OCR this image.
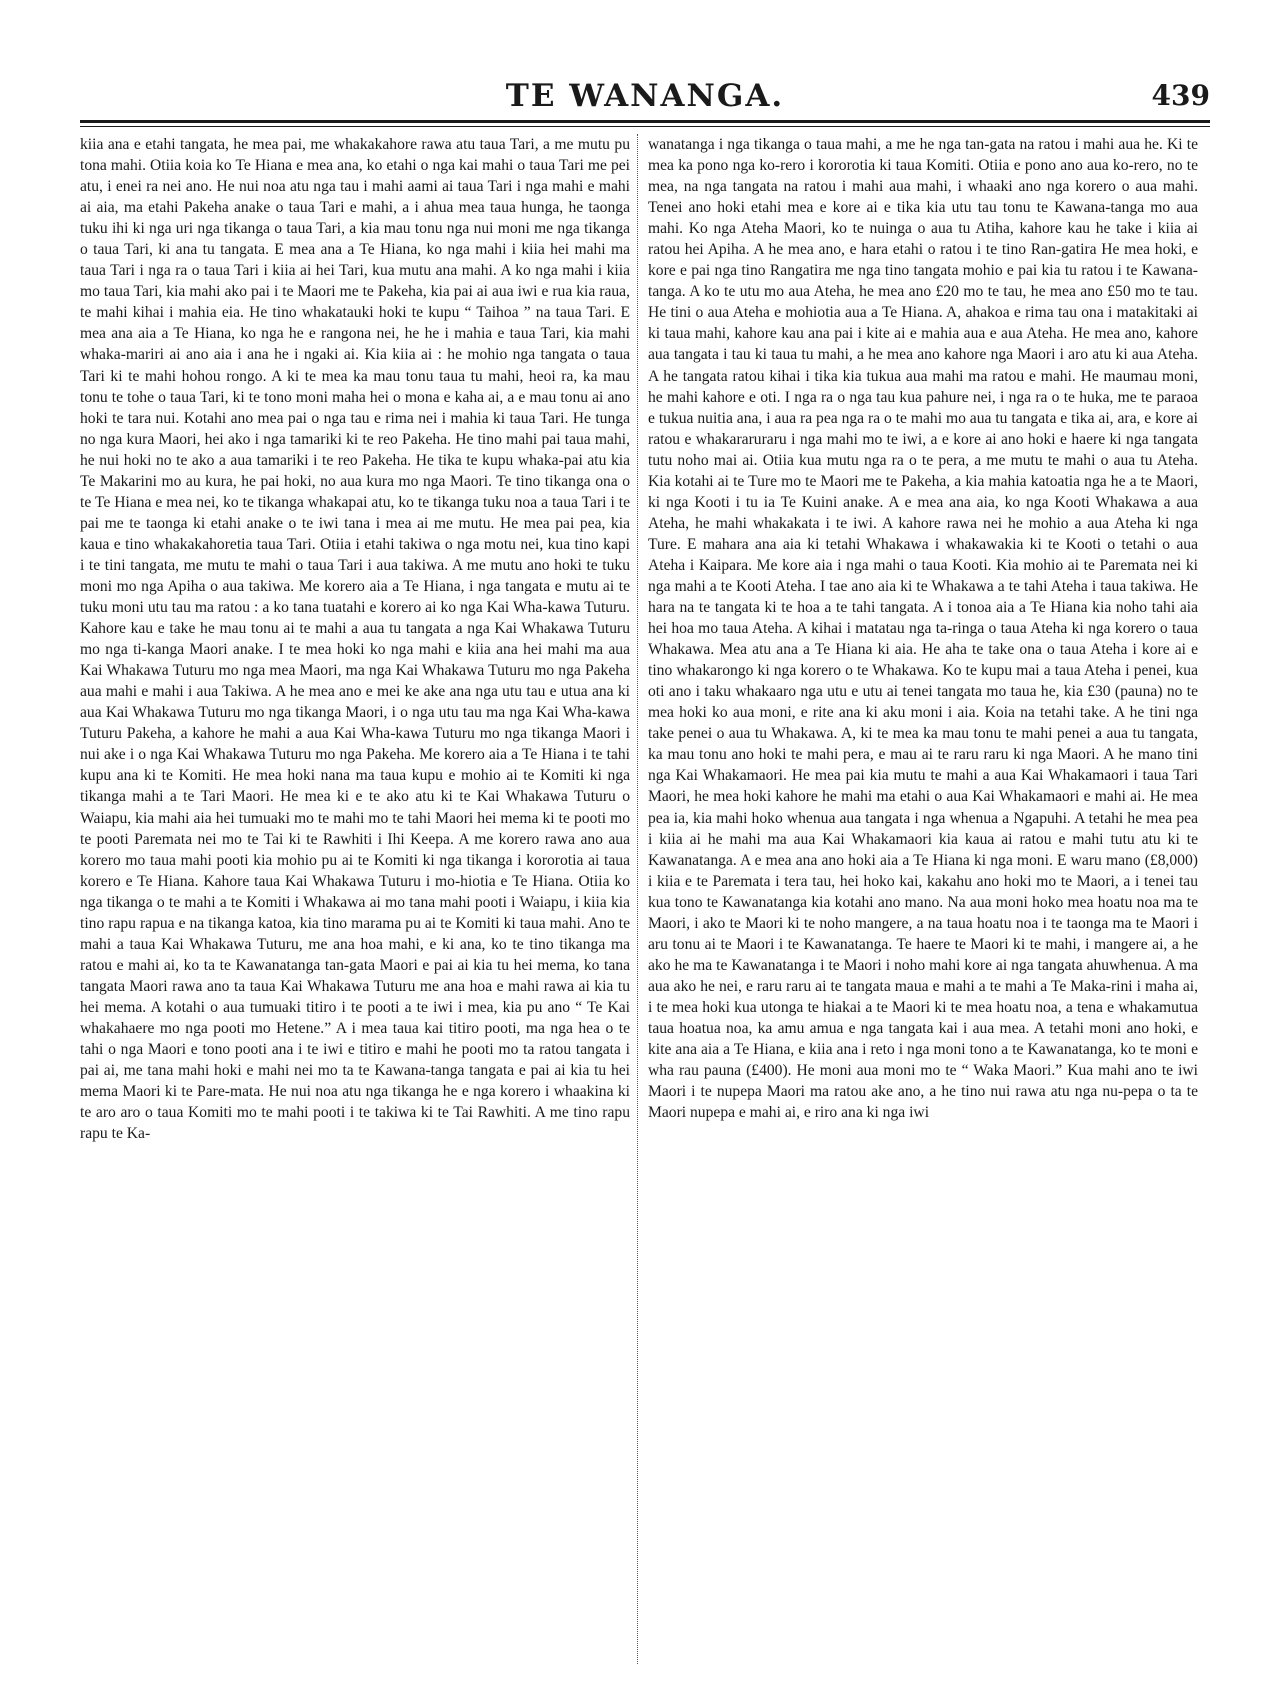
TE WANANGA.	439
kiia ana e etahi tangata, he mea pai, me whakakahore rawa atu taua Tari, a me mutu pu tona mahi. Otiia koia ko Te Hiana e mea ana, ko etahi o nga kai mahi o taua Tari me pei atu, i enei ra nei ano. He nui noa atu nga tau i mahi aami ai taua Tari i nga mahi e mahi ai aia, ma etahi Pakeha anake o taua Tari e mahi, a i ahua mea taua hunga, he taonga tuku ihi ki nga uri nga tikanga o taua Tari, a kia mau tonu nga nui moni me nga tikanga o taua Tari, ki ana tu tangata. E mea ana a Te Hiana, ko nga mahi i kiia hei mahi ma taua Tari i nga ra o taua Tari i kiia ai hei Tari, kua mutu ana mahi. A ko nga mahi i kiia mo taua Tari, kia mahi ako pai i te Maori me te Pakeha, kia pai ai aua iwi e rua kia raua, te mahi kihai i mahia eia. He tino whakatauki hoki te kupu “ Taihoa ” na taua Tari. E mea ana aia a Te Hiana, ko nga he e rangona nei, he he i mahia e taua Tari, kia mahi whaka-mariri ai ano aia i ana he i ngaki ai. Kia kiia ai : he mohio nga tangata o taua Tari ki te mahi hohou rongo. A ki te mea ka mau tonu taua tu mahi, heoi ra, ka mau tonu te tohe o taua Tari, ki te tono moni maha hei o mona e kaha ai, a e mau tonu ai ano hoki te tara nui. Kotahi ano mea pai o nga tau e rima nei i mahia ki taua Tari. He tunga no nga kura Maori, hei ako i nga tamariki ki te reo Pakeha. He tino mahi pai taua mahi, he nui hoki no te ako a aua tamariki i te reo Pakeha. He tika te kupu whaka-pai atu kia Te Makarini mo au kura, he pai hoki, no aua kura mo nga Maori. Te tino tikanga ona o te Te Hiana e mea nei, ko te tikanga whakapai atu, ko te tikanga tuku noa a taua Tari i te pai me te taonga ki etahi anake o te iwi tana i mea ai me mutu. He mea pai pea, kia kaua e tino whakakahoretia taua Tari. Otiia i etahi takiwa o nga motu nei, kua tino kapi i te tini tangata, me mutu te mahi o taua Tari i aua takiwa. A me mutu ano hoki te tuku moni mo nga Apiha o aua takiwa. Me korero aia a Te Hiana, i nga tangata e mutu ai te tuku moni utu tau ma ratou : a ko tana tuatahi e korero ai ko nga Kai Wha-kawa Tuturu. Kahore kau e take he mau tonu ai te mahi a aua tu tangata a nga Kai Whakawa Tuturu mo nga ti-kanga Maori anake. I te mea hoki ko nga mahi e kiia ana hei mahi ma aua Kai Whakawa Tuturu mo nga mea Maori, ma nga Kai Whakawa Tuturu mo nga Pakeha aua mahi e mahi i aua Takiwa. A he mea ano e mei ke ake ana nga utu tau e utua ana ki aua Kai Whakawa Tuturu mo nga tikanga Maori, i o nga utu tau ma nga Kai Wha-kawa Tuturu Pakeha, a kahore he mahi a aua Kai Wha-kawa Tuturu mo nga tikanga Maori i nui ake i o nga Kai Whakawa Tuturu mo nga Pakeha. Me korero aia a Te Hiana i te tahi kupu ana ki te Komiti. He mea hoki nana ma taua kupu e mohio ai te Komiti ki nga tikanga mahi a te Tari Maori. He mea ki e te ako atu ki te Kai Whakawa Tuturu o Waiapu, kia mahi aia hei tumuaki mo te mahi mo te tahi Maori hei mema ki te pooti mo te pooti Paremata nei mo te Tai ki te Rawhiti i Ihi Keepa. A me korero rawa ano aua korero mo taua mahi pooti kia mohio pu ai te Komiti ki nga tikanga i kororotia ai taua korero e Te Hiana. Kahore taua Kai Whakawa Tuturu i mo-hiotia e Te Hiana. Otiia ko nga tikanga o te mahi a te Komiti i Whakawa ai mo tana mahi pooti i Waiapu, i kiia kia tino rapu rapua e na tikanga katoa, kia tino marama pu ai te Komiti ki taua mahi. Ano te mahi a taua Kai Whakawa Tuturu, me ana hoa mahi, e ki ana, ko te tino tikanga ma ratou e mahi ai, ko ta te Kawanatanga tan-gata Maori e pai ai kia tu hei mema, ko tana tangata Maori rawa ano ta taua Kai Whakawa Tuturu me ana hoa e mahi rawa ai kia tu hei mema. A kotahi o aua tumuaki titiro i te pooti a te iwi i mea, kia pu ano “ Te Kai whakahaere mo nga pooti mo Hetene.” A i mea taua kai titiro pooti, ma nga hea o te tahi o nga Maori e tono pooti ana i te iwi e titiro e mahi he pooti mo ta ratou tangata i pai ai, me tana mahi hoki e mahi nei mo ta te Kawana-tanga tangata e pai ai kia tu hei mema Maori ki te Pare-mata. He nui noa atu nga tikanga he e nga korero i whaakina ki te aro aro o taua Komiti mo te mahi pooti i te takiwa ki te Tai Rawhiti. A me tino rapu rapu te Ka-
wanatanga i nga tikanga o taua mahi, a me he nga tan-gata na ratou i mahi aua he. Ki te mea ka pono nga ko-rero i kororotia ki taua Komiti. Otiia e pono ano aua ko-rero, no te mea, na nga tangata na ratou i mahi aua mahi, i whaaki ano nga korero o aua mahi. Tenei ano hoki etahi mea e kore ai e tika kia utu tau tonu te Kawana-tanga mo aua mahi. Ko nga Ateha Maori, ko te nuinga o aua tu Atiha, kahore kau he take i kiia ai ratou hei Apiha. A he mea ano, e hara etahi o ratou i te tino Ran-gatira He mea hoki, e kore e pai nga tino Rangatira me nga tino tangata mohio e pai kia tu ratou i te Kawana-tanga. A ko te utu mo aua Ateha, he mea ano £20 mo te tau, he mea ano £50 mo te tau. He tini o aua Ateha e mohiotia aua a Te Hiana. A, ahakoa e rima tau ona i matakitaki ai ki taua mahi, kahore kau ana pai i kite ai e mahia aua e aua Ateha. He mea ano, kahore aua tangata i tau ki taua tu mahi, a he mea ano kahore nga Maori i aro atu ki aua Ateha. A he tangata ratou kihai i tika kia tukua aua mahi ma ratou e mahi. He maumau moni, he mahi kahore e oti. I nga ra o nga tau kua pahure nei, i nga ra o te huka, me te paraoa e tukua nuitia ana, i aua ra pea nga ra o te mahi mo aua tu tangata e tika ai, ara, e kore ai ratou e whakararuraru i nga mahi mo te iwi, a e kore ai ano hoki e haere ki nga tangata tutu noho mai ai. Otiia kua mutu nga ra o te pera, a me mutu te mahi o aua tu Ateha. Kia kotahi ai te Ture mo te Maori me te Pakeha, a kia mahia katoatia nga he a te Maori, ki nga Kooti i tu ia Te Kuini anake. A e mea ana aia, ko nga Kooti Whakawa a aua Ateha, he mahi whakakata i te iwi. A kahore rawa nei he mohio a aua Ateha ki nga Ture. E mahara ana aia ki tetahi Whakawa i whakawakia ki te Kooti o tetahi o aua Ateha i Kaipara. Me kore aia i nga mahi o taua Kooti. Kia mohio ai te Paremata nei ki nga mahi a te Kooti Ateha. I tae ano aia ki te Whakawa a te tahi Ateha i taua takiwa. He hara na te tangata ki te hoa a te tahi tangata. A i tonoa aia a Te Hiana kia noho tahi aia hei hoa mo taua Ateha. A kihai i matatau nga ta-ringa o taua Ateha ki nga korero o taua Whakawa. Mea atu ana a Te Hiana ki aia. He aha te take ona o taua Ateha i kore ai e tino whakarongo ki nga korero o te Whakawa. Ko te kupu mai a taua Ateha i penei, kua oti ano i taku whakaaro nga utu e utu ai tenei tangata mo taua he, kia £30 (pauna) no te mea hoki ko aua moni, e rite ana ki aku moni i aia. Koia na tetahi take. A he tini nga take penei o aua tu Whakawa. A, ki te mea ka mau tonu te mahi penei a aua tu tangata, ka mau tonu ano hoki te mahi pera, e mau ai te raru raru ki nga Maori. A he mano tini nga Kai Whakamaori. He mea pai kia mutu te mahi a aua Kai Whakamaori i taua Tari Maori, he mea hoki kahore he mahi ma etahi o aua Kai Whakamaori e mahi ai. He mea pea ia, kia mahi hoko whenua aua tangata i nga whenua a Ngapuhi. A tetahi he mea pea i kiia ai he mahi ma aua Kai Whakamaori kia kaua ai ratou e mahi tutu atu ki te Kawanatanga. A e mea ana ano hoki aia a Te Hiana ki nga moni. E waru mano (£8,000) i kiia e te Paremata i tera tau, hei hoko kai, kakahu ano hoki mo te Maori, a i tenei tau kua tono te Kawanatanga kia kotahi ano mano. Na aua moni hoko mea hoatu noa ma te Maori, i ako te Maori ki te noho mangere, a na taua hoatu noa i te taonga ma te Maori i aru tonu ai te Maori i te Kawanatanga. Te haere te Maori ki te mahi, i mangere ai, a he ako he ma te Kawanatanga i te Maori i noho mahi kore ai nga tangata ahuwhenua. A ma aua ako he nei, e raru raru ai te tangata maua e mahi a te mahi a Te Maka-rini i maha ai, i te mea hoki kua utonga te hiakai a te Maori ki te mea hoatu noa, a tena e whakamutua taua hoatua noa, ka amu amua e nga tangata kai i aua mea. A tetahi moni ano hoki, e kite ana aia a Te Hiana, e kiia ana i reto i nga moni tono a te Kawanatanga, ko te moni e wha rau pauna (£400). He moni aua moni mo te “ Waka Maori.” Kua mahi ano te iwi Maori i te nupepa Maori ma ratou ake ano, a he tino nui rawa atu nga nu-pepa o ta te Maori nupepa e mahi ai, e riro ana ki nga iwi
